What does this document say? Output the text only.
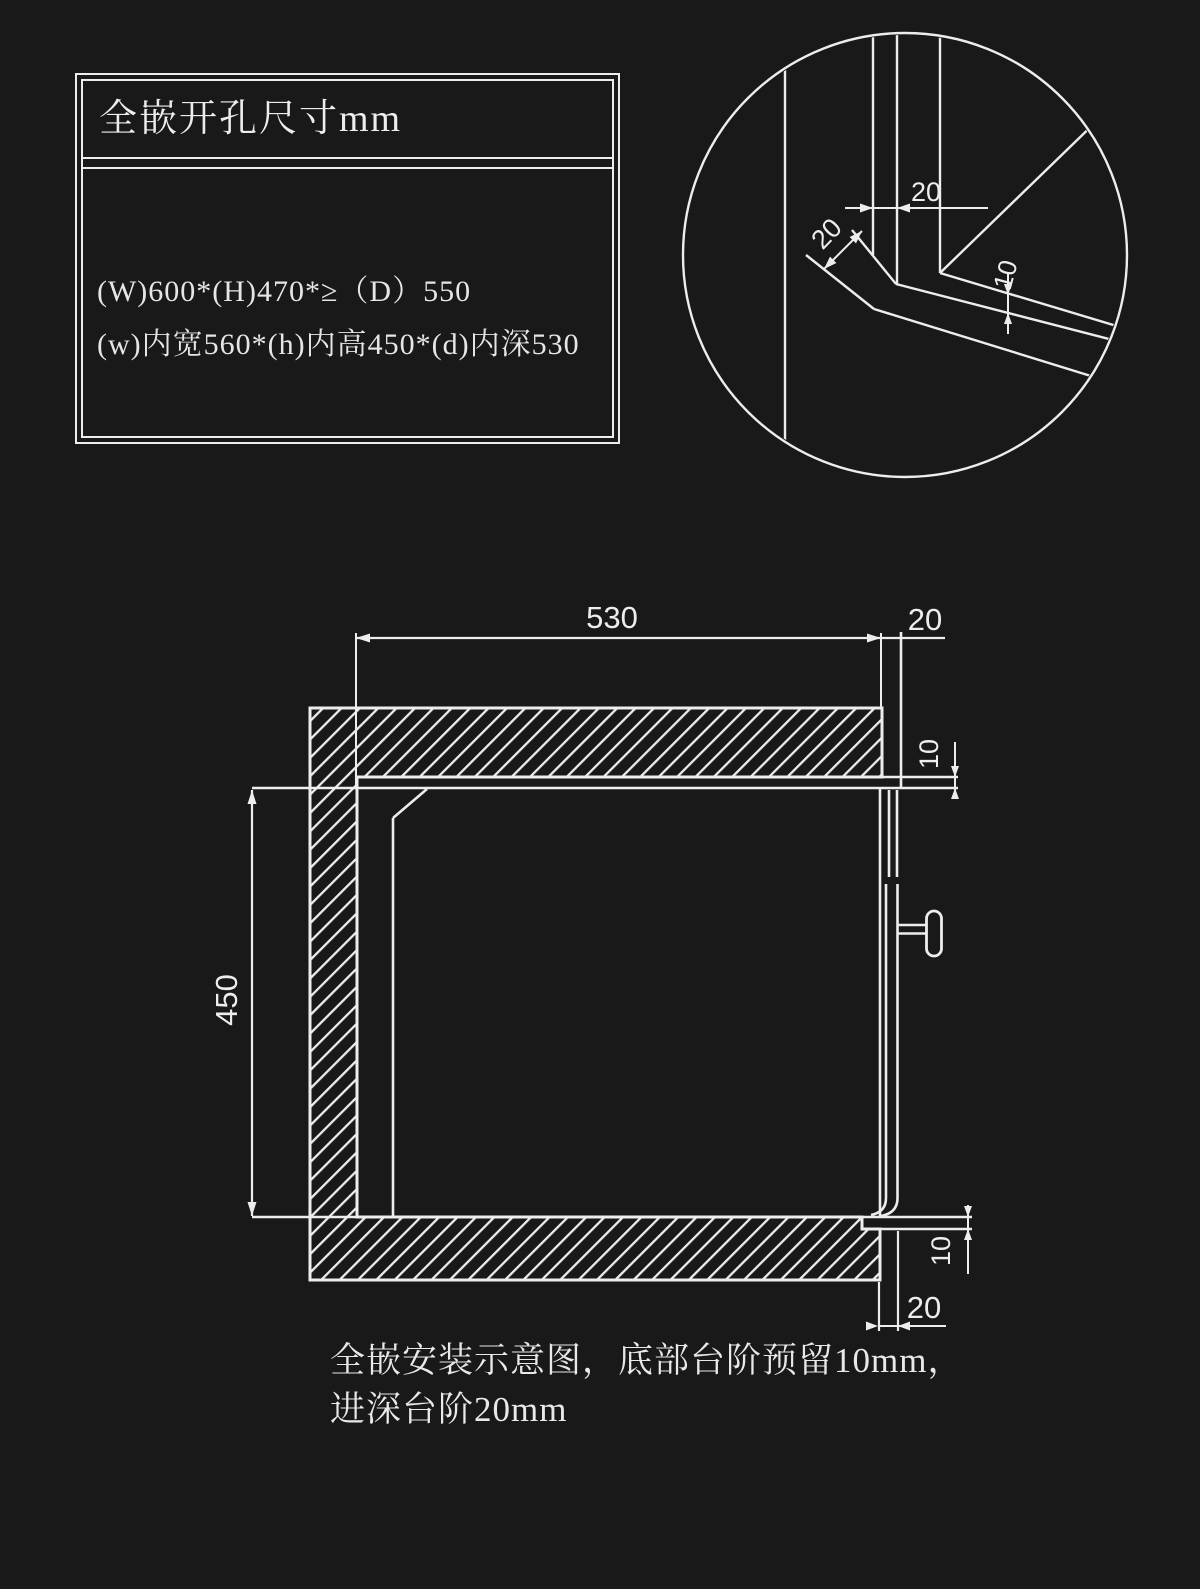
全嵌开孔尺寸mm
(W)600*(H)470*≥（D）550
(w)内宽560*(h)内高450*(d)内深530
20
20
10
530	20
10
450
10
20
全嵌安装示意图，底部台阶预留10mm，
进深台阶20mm
